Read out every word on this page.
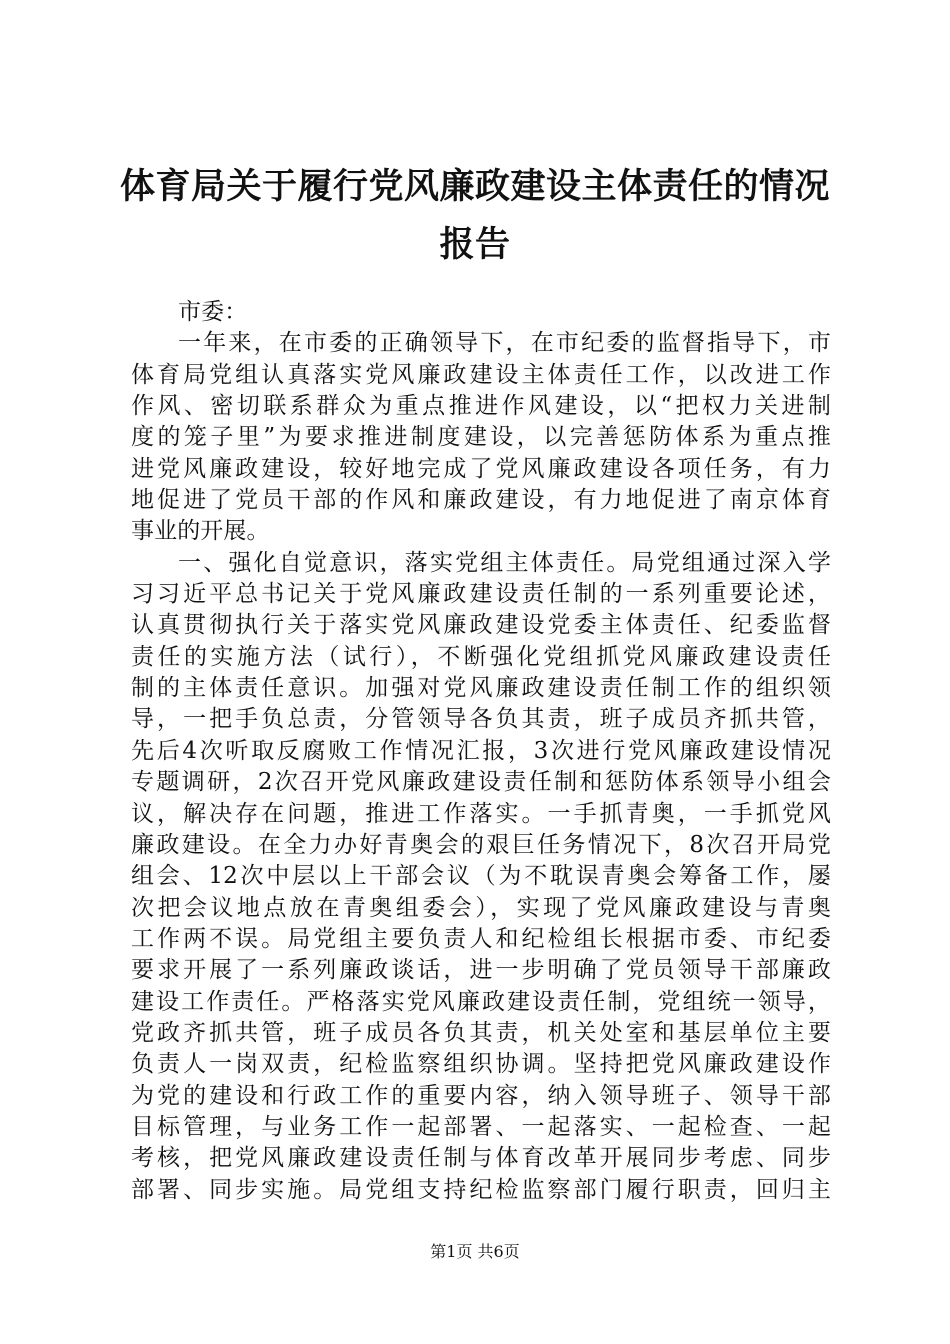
体育局关于履行党风廉政建设主体责任的情况报告
市委：
一年来，在市委的正确领导下，在市纪委的监督指导下，市
体育局党组认真落实党风廉政建设主体责任工作，以改进工作
作风、密切联系群众为重点推进作风建设，以“把权力关进制
度的笼子里”为要求推进制度建设，以完善惩防体系为重点推
进党风廉政建设，较好地完成了党风廉政建设各项任务，有力
地促进了党员干部的作风和廉政建设，有力地促进了南京体育
事业的开展。
一、强化自觉意识，落实党组主体责任。局党组通过深入学
习习近平总书记关于党风廉政建设责任制的一系列重要论述，
认真贯彻执行关于落实党风廉政建设党委主体责任、纪委监督
责任的实施方法（试行），不断强化党组抓党风廉政建设责任
制的主体责任意识。加强对党风廉政建设责任制工作的组织领
导，一把手负总责，分管领导各负其责，班子成员齐抓共管，
先后4次听取反腐败工作情况汇报，3次进行党风廉政建设情况
专题调研，2次召开党风廉政建设责任制和惩防体系领导小组会
议，解决存在问题，推进工作落实。一手抓青奥，一手抓党风
廉政建设。在全力办好青奥会的艰巨任务情况下，8次召开局党
组会、12次中层以上干部会议（为不耽误青奥会筹备工作，屡
次把会议地点放在青奥组委会），实现了党风廉政建设与青奥
工作两不误。局党组主要负责人和纪检组长根据市委、市纪委
要求开展了一系列廉政谈话，进一步明确了党员领导干部廉政
建设工作责任。严格落实党风廉政建设责任制，党组统一领导，
党政齐抓共管，班子成员各负其责，机关处室和基层单位主要
负责人一岗双责，纪检监察组织协调。坚持把党风廉政建设作
为党的建设和行政工作的重要内容，纳入领导班子、领导干部
目标管理，与业务工作一起部署、一起落实、一起检查、一起
考核，把党风廉政建设责任制与体育改革开展同步考虑、同步
部署、同步实施。局党组支持纪检监察部门履行职责，回归主
第1页 共6页
